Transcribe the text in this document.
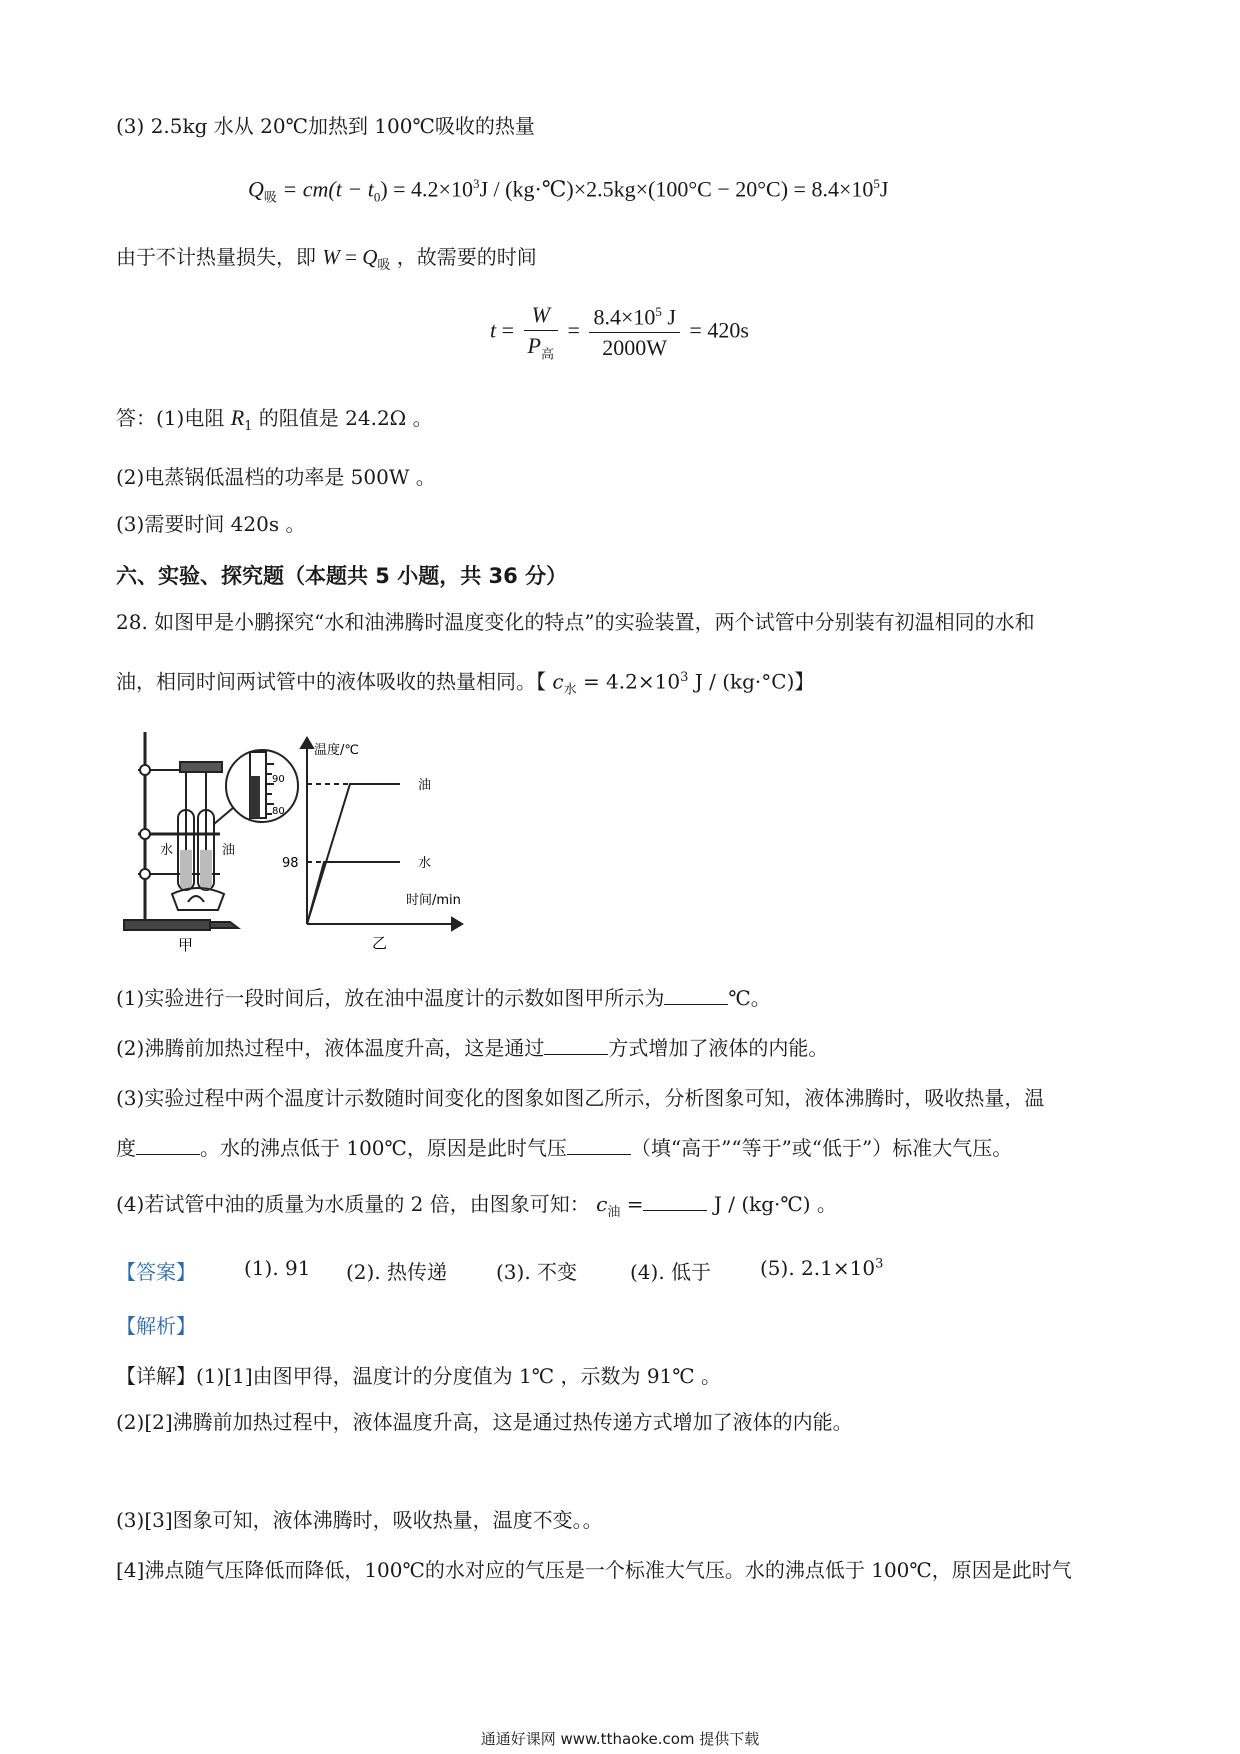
(3) 2.5kg 水从 20℃加热到 100℃吸收的热量
$Q_吸 = cm(t - t_0) = 4.2\times 10^3J$ / (kg·℃)×2.5kg×(100°C − $20^\circ C) = 8.4\times 10^5J$
由于不计热量损失，即 $W = Q_吸$ ，故需要的时间
$t = \frac{W}{P_高} = \frac{8.4\times 10^5 J}{2000W} = 420s$
答：(1)电阻 $R_1$ 的阻值是 24.2Ω 。
(2)电蒸锅低温档的功率是 500W 。
(3)需要时间 420s 。
六、实验、探究题（本题共 5 小题，共 36 分）
28. 如图甲是小鹏探究“水和油沸腾时温度变化的特点”的实验装置，两个试管中分别装有初温相同的水和
油，相同时间两试管中的液体吸收的热量相同。【 $c_水 = 4.2\times 10^3$ J / (kg·°C)】
90
80
水	油
甲
温度/℃
98
油
水
时间/min
乙
(1)实验进行一段时间后，放在油中温度计的示数如图甲所示为	℃。
(2)沸腾前加热过程中，液体温度升高，这是通过	方式增加了液体的内能。
(3)实验过程中两个温度计示数随时间变化的图象如图乙所示，分析图象可知，液体沸腾时，吸收热量，温
度	。水的沸点低于 100℃，原因是此时气压	（填“高于”“等于”或“低于”）标准大气压。
(4)若试管中油的质量为水质量的 2 倍，由图象可知： $c_油$ =	J / (kg·℃) 。
【答案】 (1). 91 (2). 热传递 (3). 不变	(4). 低于 (5). $2.1\times 10^3$
【解析】
【详解】(1)[1]由图甲得，温度计的分度值为 1℃ ，示数为 91℃ 。
(2)[2]沸腾前加热过程中，液体温度升高，这是通过热传递方式增加了液体的内能。
(3)[3]图象可知，液体沸腾时，吸收热量，温度不变。。
[4]沸点随气压降低而降低，100℃的水对应的气压是一个标准大气压。水的沸点低于 100℃，原因是此时气
通通好课网 www.tthaoke.com 提供下载
